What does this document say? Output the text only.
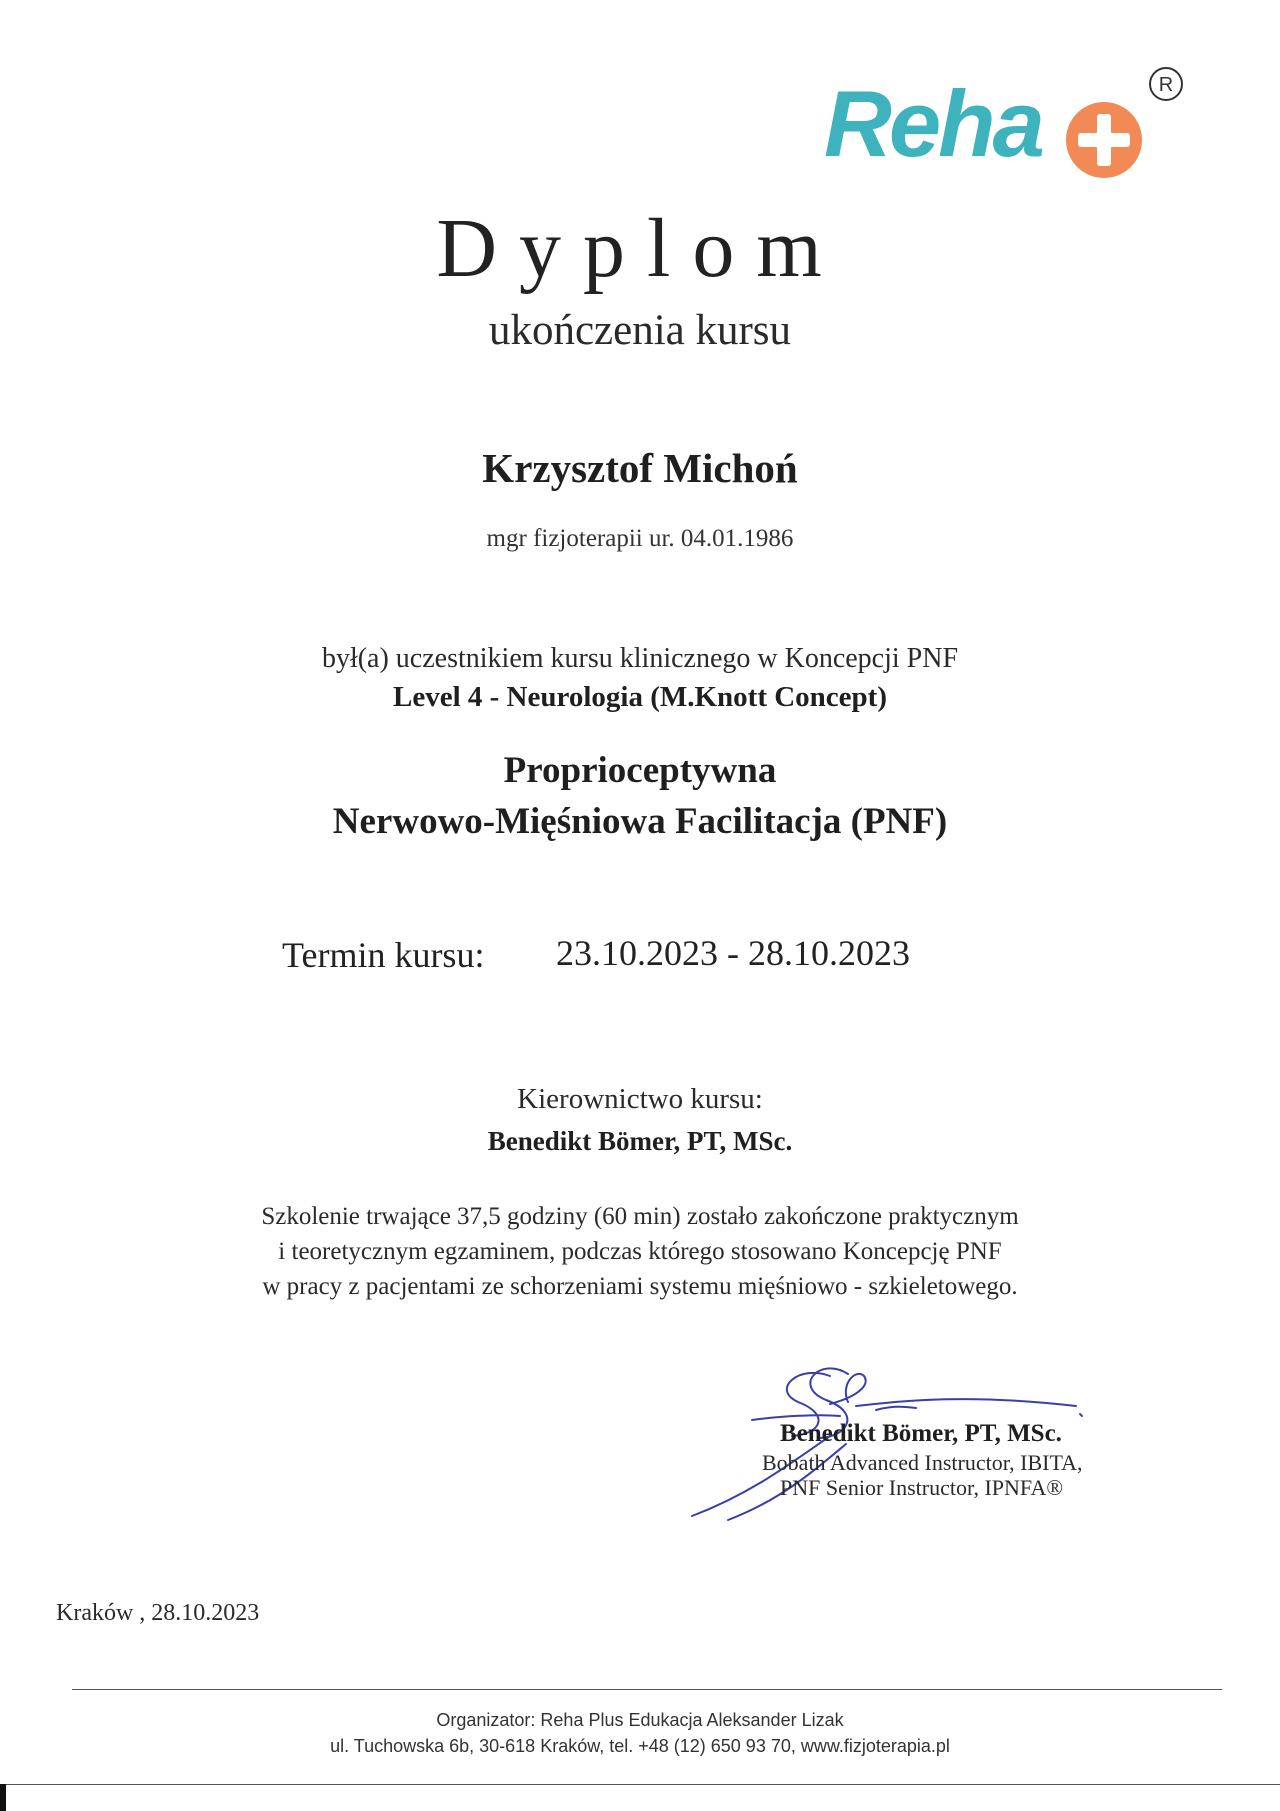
Reha	R
Dyplom
ukończenia kursu
Krzysztof Michoń
mgr fizjoterapii ur. 04.01.1986
był(a) uczestnikiem kursu klinicznego w Koncepcji PNF
Level 4 - Neurologia (M.Knott Concept)
Proprioceptywna
Nerwowo-Mięśniowa Facilitacja (PNF)
Termin kursu: 23.10.2023 - 28.10.2023
Kierownictwo kursu:
Benedikt Bömer, PT, MSc.
Szkolenie trwające 37,5 godziny (60 min) zostało zakończone praktycznym
i teoretycznym egzaminem, podczas którego stosowano Koncepcję PNF
w pracy z pacjentami ze schorzeniami systemu mięśniowo - szkieletowego.
Benedikt Bömer, PT, MSc.
Bobath Advanced Instructor, IBITA,
PNF Senior Instructor, IPNFA®
Kraków , 28.10.2023
Organizator: Reha Plus Edukacja Aleksander Lizak
ul. Tuchowska 6b, 30-618 Kraków, tel. +48 (12) 650 93 70, www.fizjoterapia.pl
